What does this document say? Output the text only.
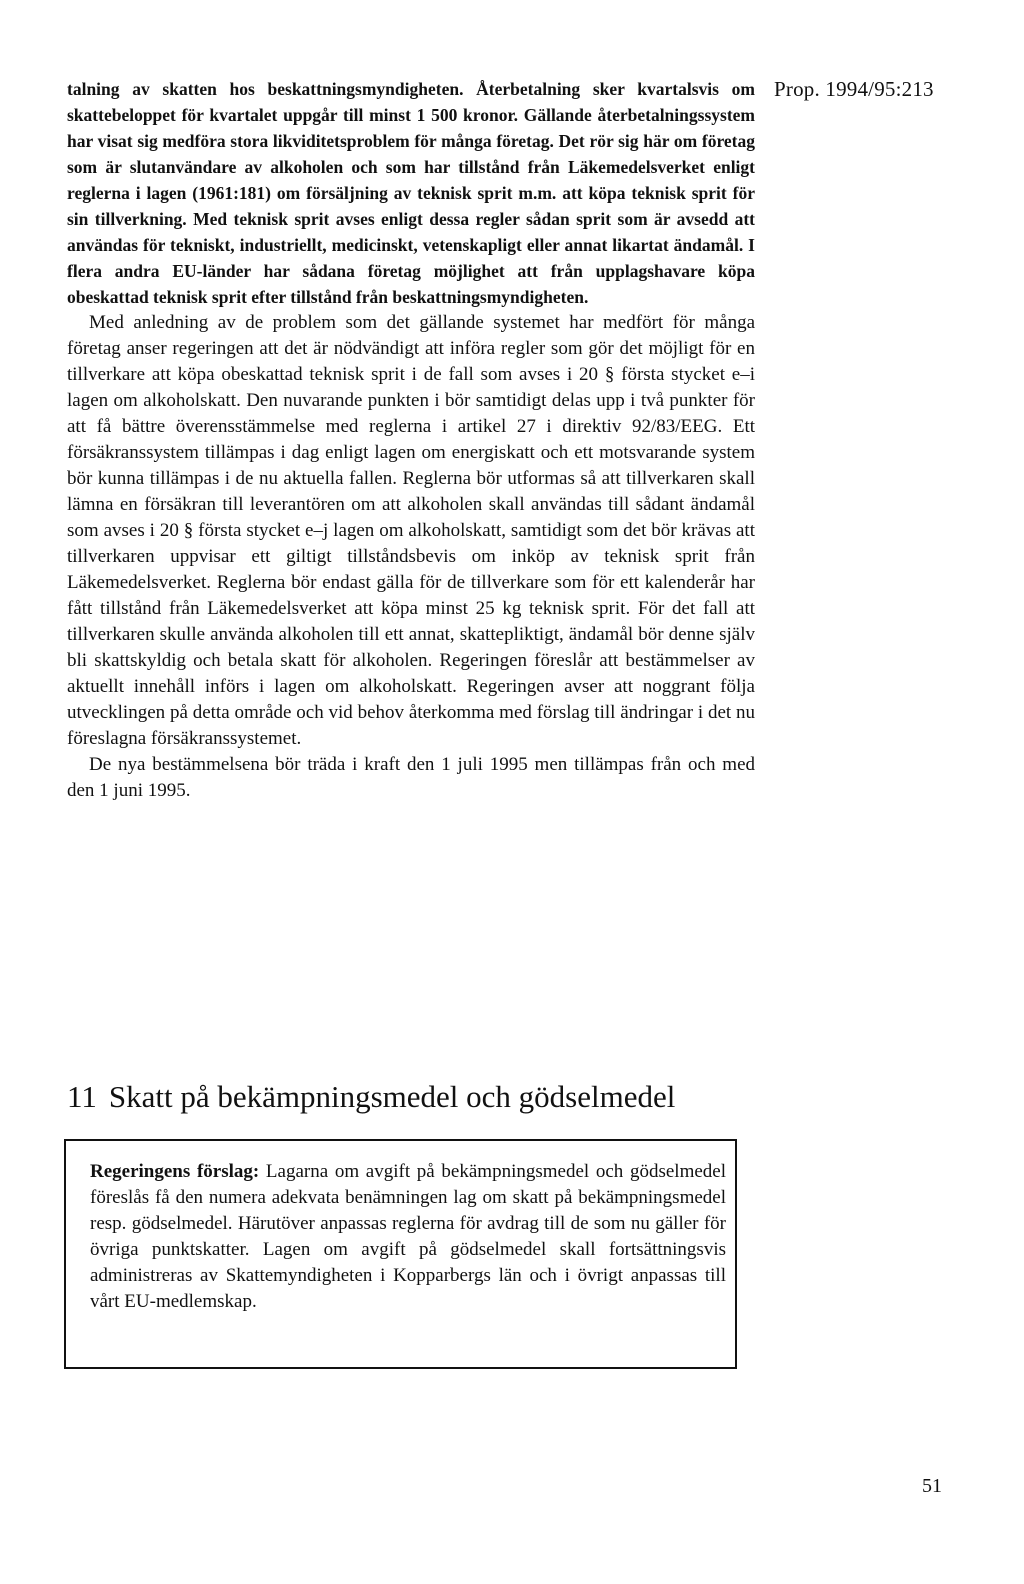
Prop. 1994/95:213

talning av skatten hos beskattningsmyndigheten. Återbetalning sker kvartalsvis om skattebeloppet för kvartalet uppgår till minst 1 500 kronor. Gällande återbetalningssystem har visat sig medföra stora likviditetsproblem för många företag. Det rör sig här om företag som är slutanvändare av alkoholen och som har tillstånd från Läkemedelsverket enligt reglerna i lagen (1961:181) om försäljning av teknisk sprit m.m. att köpa teknisk sprit för sin tillverkning. Med teknisk sprit avses enligt dessa regler sådan sprit som är avsedd att användas för tekniskt, industriellt, medicinskt, vetenskapligt eller annat likartat ändamål. I flera andra EU-länder har sådana företag möjlighet att från upplagshavare köpa obeskattad teknisk sprit efter tillstånd från beskattningsmyndigheten.

Med anledning av de problem som det gällande systemet har medfört för många företag anser regeringen att det är nödvändigt att införa regler som gör det möjligt för en tillverkare att köpa obeskattad teknisk sprit i de fall som avses i 20 § första stycket e–i lagen om alkoholskatt. Den nuvarande punkten i bör samtidigt delas upp i två punkter för att få bättre överensstämmelse med reglerna i artikel 27 i direktiv 92/83/EEG. Ett försäkranssystem tillämpas i dag enligt lagen om energiskatt och ett motsvarande system bör kunna tillämpas i de nu aktuella fallen. Reglerna bör utformas så att tillverkaren skall lämna en försäkran till leverantören om att alkoholen skall användas till sådant ändamål som avses i 20 § första stycket e–j lagen om alkoholskatt, samtidigt som det bör krävas att tillverkaren uppvisar ett giltigt tillståndsbevis om inköp av teknisk sprit från Läkemedelsverket. Reglerna bör endast gälla för de tillverkare som för ett kalenderår har fått tillstånd från Läkemedelsverket att köpa minst 25 kg teknisk sprit. För det fall att tillverkaren skulle använda alkoholen till ett annat, skattepliktigt, ändamål bör denne själv bli skattskyldig och betala skatt för alkoholen. Regeringen föreslår att bestämmelser av aktuellt innehåll införs i lagen om alkoholskatt. Regeringen avser att noggrant följa utvecklingen på detta område och vid behov återkomma med förslag till ändringar i det nu föreslagna försäkranssystemet.

De nya bestämmelsena bör träda i kraft den 1 juli 1995 men tillämpas från och med den 1 juni 1995.

11 Skatt på bekämpningsmedel och gödselmedel
Regeringens förslag: Lagarna om avgift på bekämpningsmedel och gödselmedel föreslås få den numera adekvata benämningen lag om skatt på bekämpningsmedel resp. gödselmedel. Härutöver anpassas reglerna för avdrag till de som nu gäller för övriga punktskatter. Lagen om avgift på gödselmedel skall fortsättningsvis administreras av Skattemyndigheten i Kopparbergs län och i övrigt anpassas till vårt EU-medlemskap.
51
